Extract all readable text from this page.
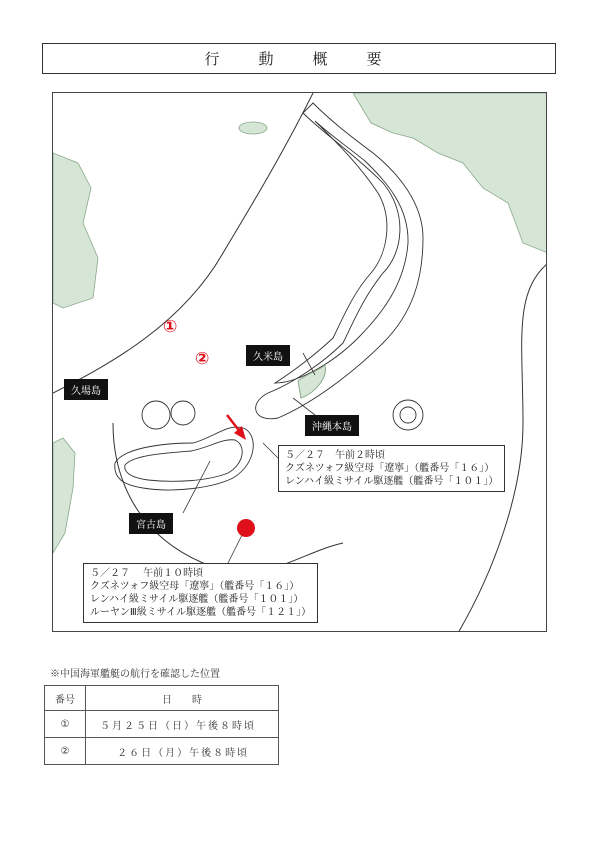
行　動　概　要
①
②	久米島
沖縄本島
久場島
宮古島
５／２７　午前２時頃
クズネツォフ級空母「遼寧」（艦番号「１６」）
レンハイ級ミサイル駆逐艦（艦番号「１０１」）
５／２７　 午前１０時頃
クズネツォフ級空母「遼寧」（艦番号「１６」）
レンハイ級ミサイル駆逐艦（艦番号「１０１」）
ルーヤンⅢ級ミサイル駆逐艦（艦番号「１２１」）
※中国海軍艦艇の航行を確認した位置
番号	日　　時
①	５月２５日（日）午後８時頃
②	　 ２６日（月）午後８時頃
